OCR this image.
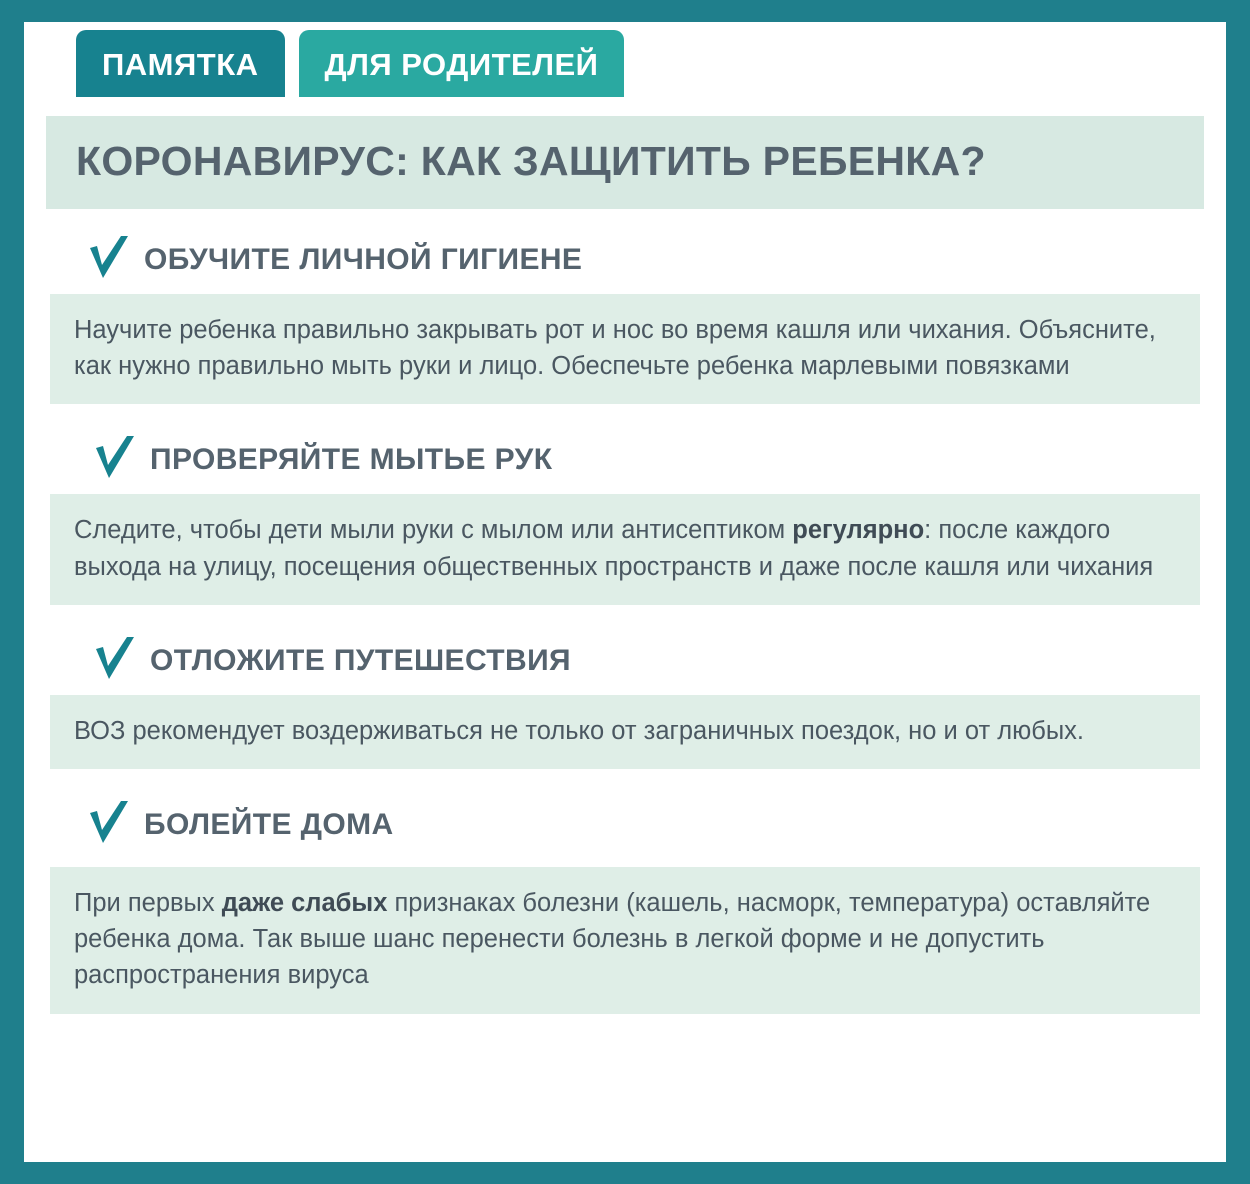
ПАМЯТКА	ДЛЯ РОДИТЕЛЕЙ
КОРОНАВИРУС: КАК ЗАЩИТИТЬ РЕБЕНКА?
ОБУЧИТЕ ЛИЧНОЙ ГИГИЕНЕ

Научите ребенка правильно закрывать рот и нос во время кашля или чихания. Объясните, как нужно правильно мыть руки и лицо. Обеспечьте ребенка марлевыми повязками

ПРОВЕРЯЙТЕ МЫТЬЕ РУК

Следите, чтобы дети мыли руки с мылом или антисептиком регулярно: после каждого выхода на улицу, посещения общественных пространств и даже после кашля или чихания

ОТЛОЖИТЕ ПУТЕШЕСТВИЯ

ВОЗ рекомендует воздерживаться не только от заграничных поездок, но и от любых.

БОЛЕЙТЕ ДОМА

При первых даже слабых признаках болезни (кашель, насморк, температура) оставляйте ребенка дома. Так выше шанс перенести болезнь в легкой форме и не допустить распространения вируса
